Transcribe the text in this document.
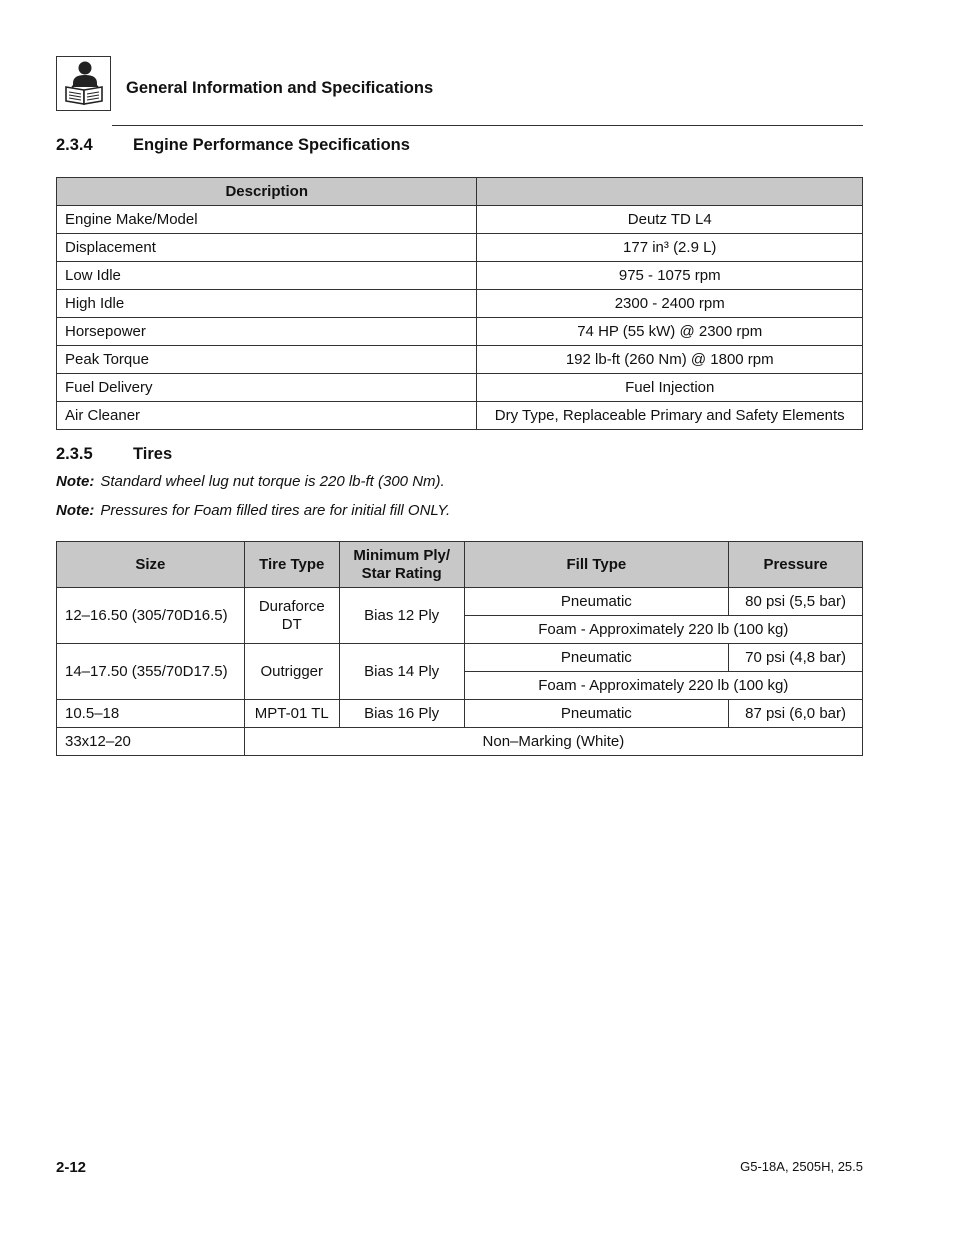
General Information and Specifications
2.3.4 Engine Performance Specifications
Description	
Engine Make/Model	Deutz TD L4
Displacement	177 in³ (2.9 L)
Low Idle	975 - 1075 rpm
High Idle	2300 - 2400 rpm
Horsepower	74 HP (55 kW) @ 2300 rpm
Peak Torque	192 lb-ft (260 Nm) @ 1800 rpm
Fuel Delivery	Fuel Injection
Air Cleaner	Dry Type, Replaceable Primary and Safety Elements
2.3.5 Tires
Note: Standard wheel lug nut torque is 220 lb-ft (300 Nm).
Note: Pressures for Foam filled tires are for initial fill ONLY.
Size	Tire Type	Minimum Ply/ Star Rating	Fill Type	Pressure
12–16.50 (305/70D16.5)	Duraforce DT	Bias 12 Ply	Pneumatic	80 psi (5,5 bar)
			Foam - Approximately 220 lb (100 kg)	
14–17.50 (355/70D17.5)	Outrigger	Bias 14 Ply	Pneumatic	70 psi (4,8 bar)
			Foam - Approximately 220 lb (100 kg)	
10.5–18	MPT-01 TL	Bias 16 Ply	Pneumatic	87 psi (6,0 bar)
33x12–20	Non–Marking (White)			
2-12	G5-18A, 2505H, 25.5
